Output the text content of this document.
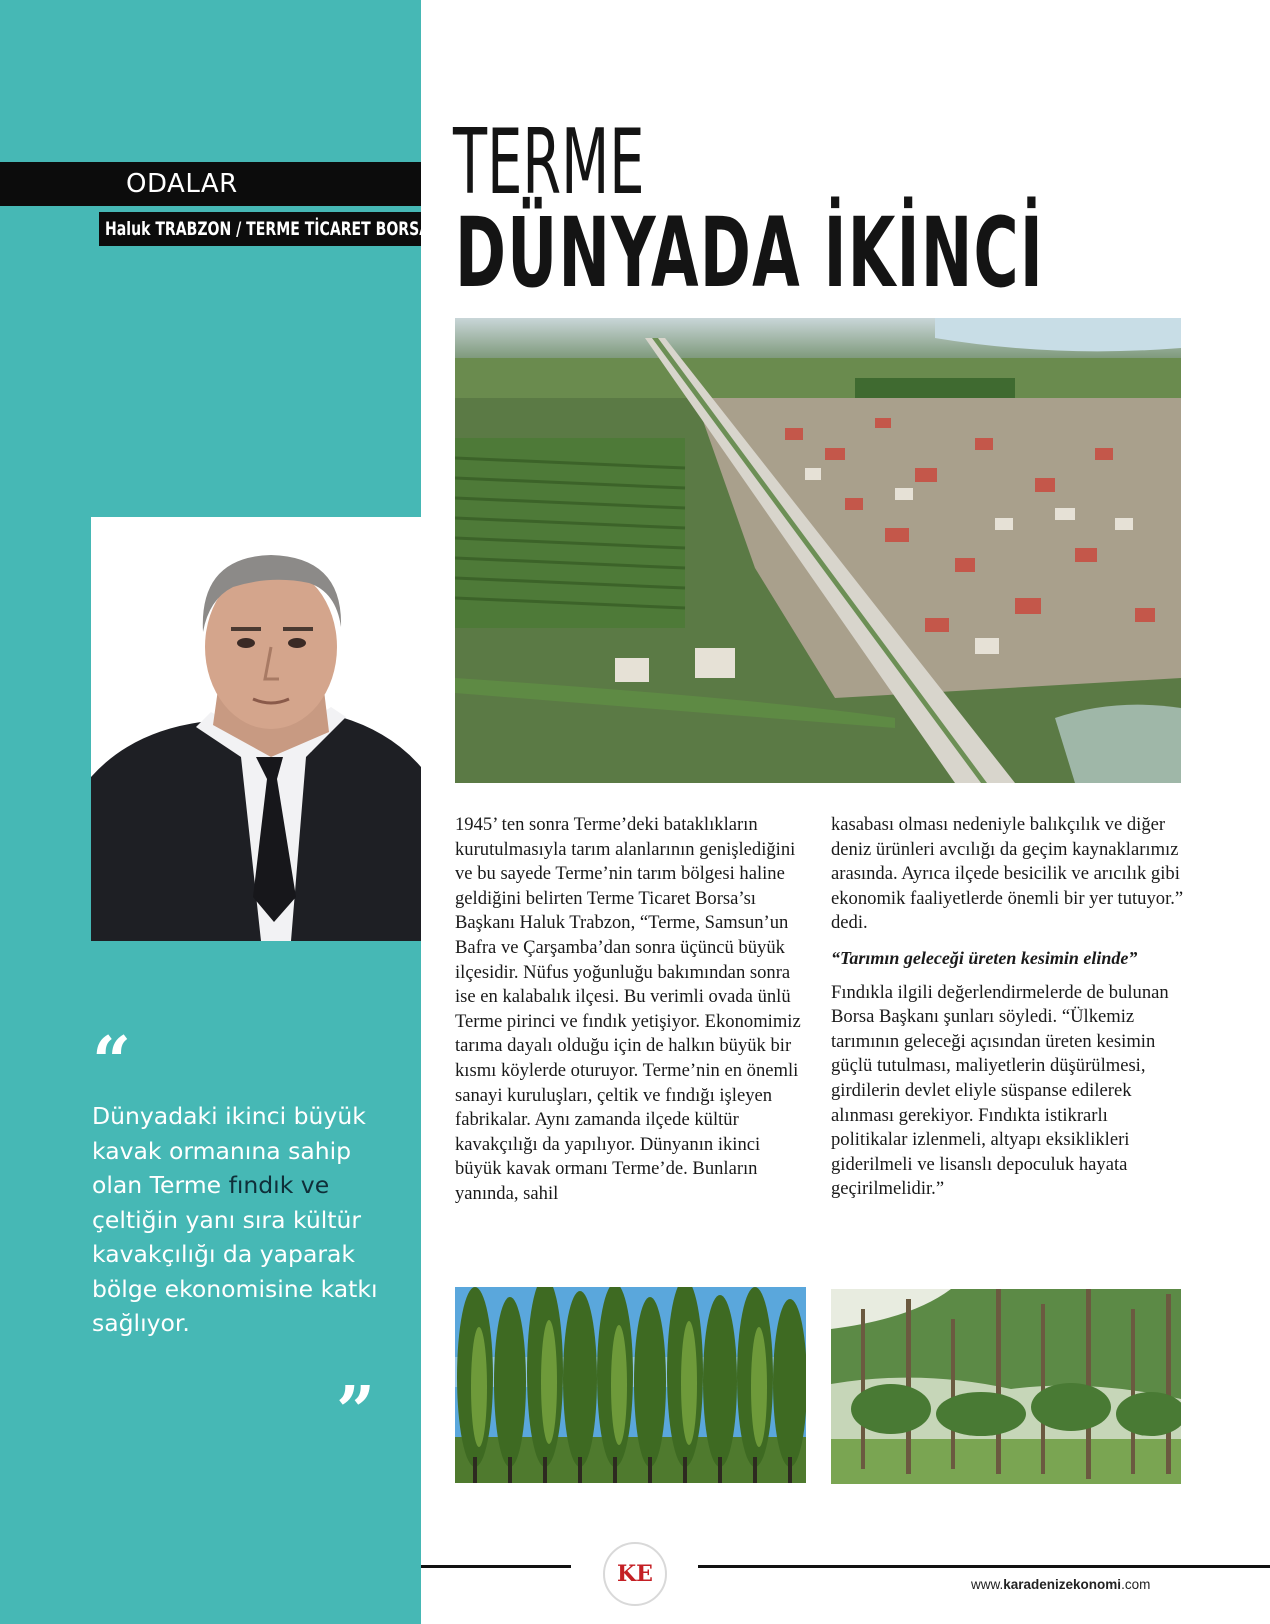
ODALAR
Haluk TRABZON / TERME TİCARET BORSASI
TERME
DÜNYADA İKİNCİ

1945’ ten sonra Terme’deki bataklıkların kurutulmasıyla tarım alanlarının genişlediğini ve bu sayede Terme’nin tarım bölgesi haline geldiğini belirten Terme Ticaret Borsa’sı Başkanı Haluk Trabzon, “Terme, Samsun’un Bafra ve Çarşamba’dan sonra üçüncü büyük ilçesidir. Nüfus yoğunluğu bakımından sonra ise en kalabalık ilçesi. Bu verimli ovada ünlü Terme pirinci ve fındık yetişiyor. Ekonomimiz tarıma dayalı olduğu için de halkın büyük bir kısmı köylerde oturuyor. Terme’nin en önemli sanayi kuruluşları, çeltik ve fındığı işleyen fabrikalar. Aynı zamanda ilçede kültür kavakçılığı da yapılıyor. Dünyanın ikinci büyük kavak ormanı Terme’de. Bunların yanında, sahil

kasabası olması nedeniyle balıkçılık ve diğer deniz ürünleri avcılığı da geçim kaynaklarımız arasında. Ayrıca ilçede besicilik ve arıcılık gibi ekonomik faaliyetlerde önemli bir yer tutuyor.” dedi.

“Tarımın geleceği üreten kesimin elinde”

Fındıkla ilgili değerlendirmelerde de bulunan Borsa Başkanı şunları söyledi. “Ülkemiz tarımının geleceği açısından üreten kesimin güçlü tutulması, maliyetlerin düşürülmesi, girdilerin devlet eliyle süspanse edilerek alınması gerekiyor. Fındıkta istikrarlı politikalar izlenmeli, altyapı eksiklikleri giderilmeli ve lisanslı depoculuk hayata geçirilmelidir.”

“
Dünyadaki ikinci büyük kavak ormanına sahip olan Terme fındık ve çeltiğin yanı sıra kültür kavakçılığı da yaparak bölge ekonomisine katkı sağlıyor.
”
KE	www.karadenizekonomi.com
